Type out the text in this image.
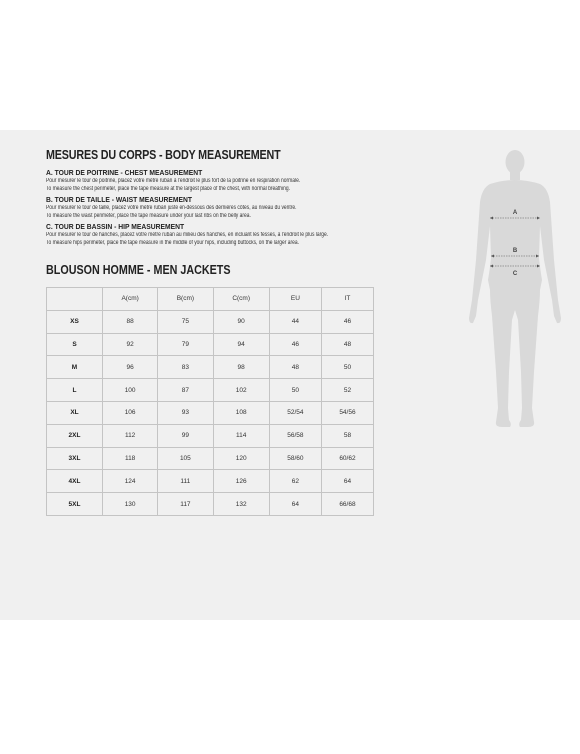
MESURES DU CORPS - BODY MEASUREMENT
A. TOUR DE POITRINE - CHEST MEASUREMENT
Pour mesurer le tour de poitrine, placez votre mètre ruban à l'endroit le plus fort de la poitrine en respiration normale.
To measure the chest perimeter, place the tape measure at the largest place of the chest, with normal breathing.
B. TOUR DE TAILLE - WAIST MEASUREMENT
Pour mesurer le tour de taille, placez votre mètre ruban juste en-dessous des dernières côtes, au niveau du ventre.
To measure the waist perimeter, place the tape measure under your last ribs on the belly area.
C. TOUR DE BASSIN - HIP MEASUREMENT
Pour mesurer le tour de hanches, placez votre mètre ruban au milieu des hanches, en incluant les fesses, à l'endroit le plus large.
To measure hips perimeter, place the tape measure in the middle of your hips, including buttocks, on the larger area.
BLOUSON HOMME - MEN JACKETS
	A(cm)	B(cm)	C(cm)	EU	IT
XS	88	75	90	44	46
S	92	79	94	46	48
M	96	83	98	48	50
L	100	87	102	50	52
XL	106	93	108	52/54	54/56
2XL	112	99	114	56/58	58
3XL	118	105	120	58/60	60/62
4XL	124	111	126	62	64
5XL	130	117	132	64	66/68
A
B
C
